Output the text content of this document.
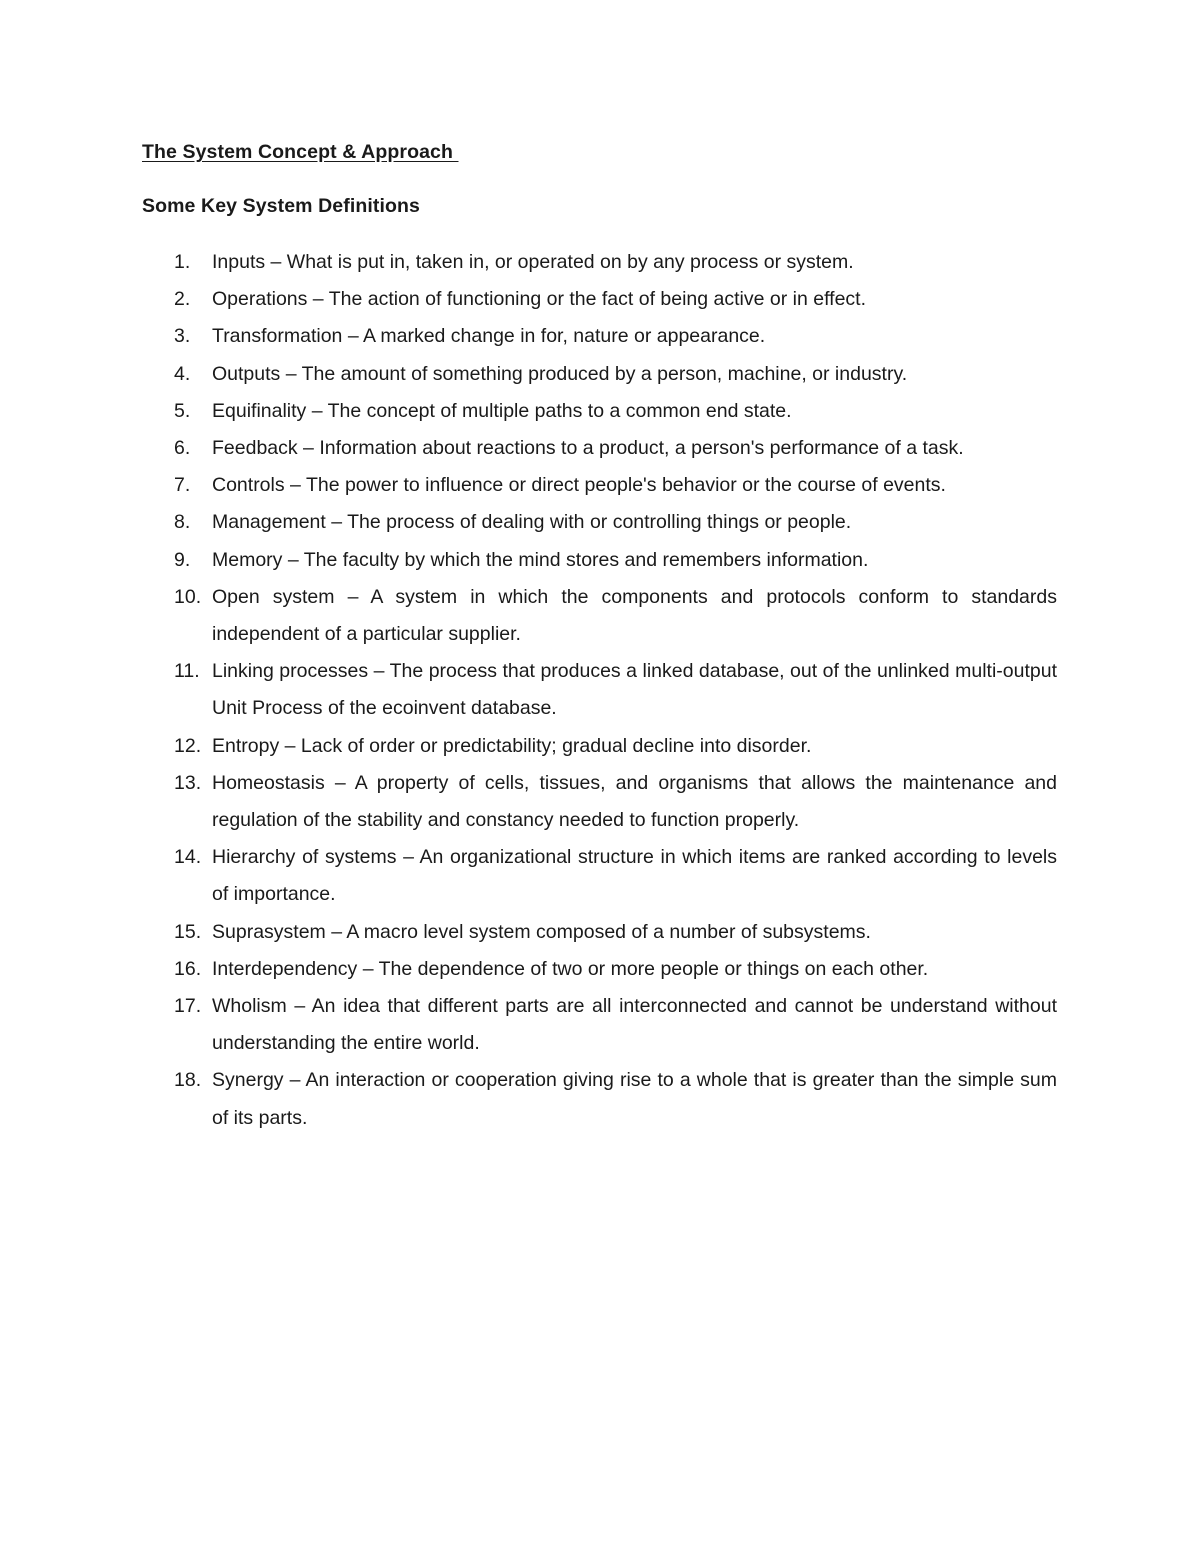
The System Concept & Approach
Some Key System Definitions
1. Inputs – What is put in, taken in, or operated on by any process or system.
2. Operations – The action of functioning or the fact of being active or in effect.
3. Transformation – A marked change in for, nature or appearance.
4. Outputs – The amount of something produced by a person, machine, or industry.
5. Equifinality – The concept of multiple paths to a common end state.
6. Feedback – Information about reactions to a product, a person's performance of a task.
7. Controls – The power to influence or direct people's behavior or the course of events.
8. Management – The process of dealing with or controlling things or people.
9. Memory – The faculty by which the mind stores and remembers information.
10. Open system – A system in which the components and protocols conform to standards independent of a particular supplier.
11. Linking processes – The process that produces a linked database, out of the unlinked multi-output Unit Process of the ecoinvent database.
12. Entropy – Lack of order or predictability; gradual decline into disorder.
13. Homeostasis – A property of cells, tissues, and organisms that allows the maintenance and regulation of the stability and constancy needed to function properly.
14. Hierarchy of systems – An organizational structure in which items are ranked according to levels of importance.
15. Suprasystem – A macro level system composed of a number of subsystems.
16. Interdependency – The dependence of two or more people or things on each other.
17. Wholism – An idea that different parts are all interconnected and cannot be understand without understanding the entire world.
18. Synergy – An interaction or cooperation giving rise to a whole that is greater than the simple sum of its parts.
